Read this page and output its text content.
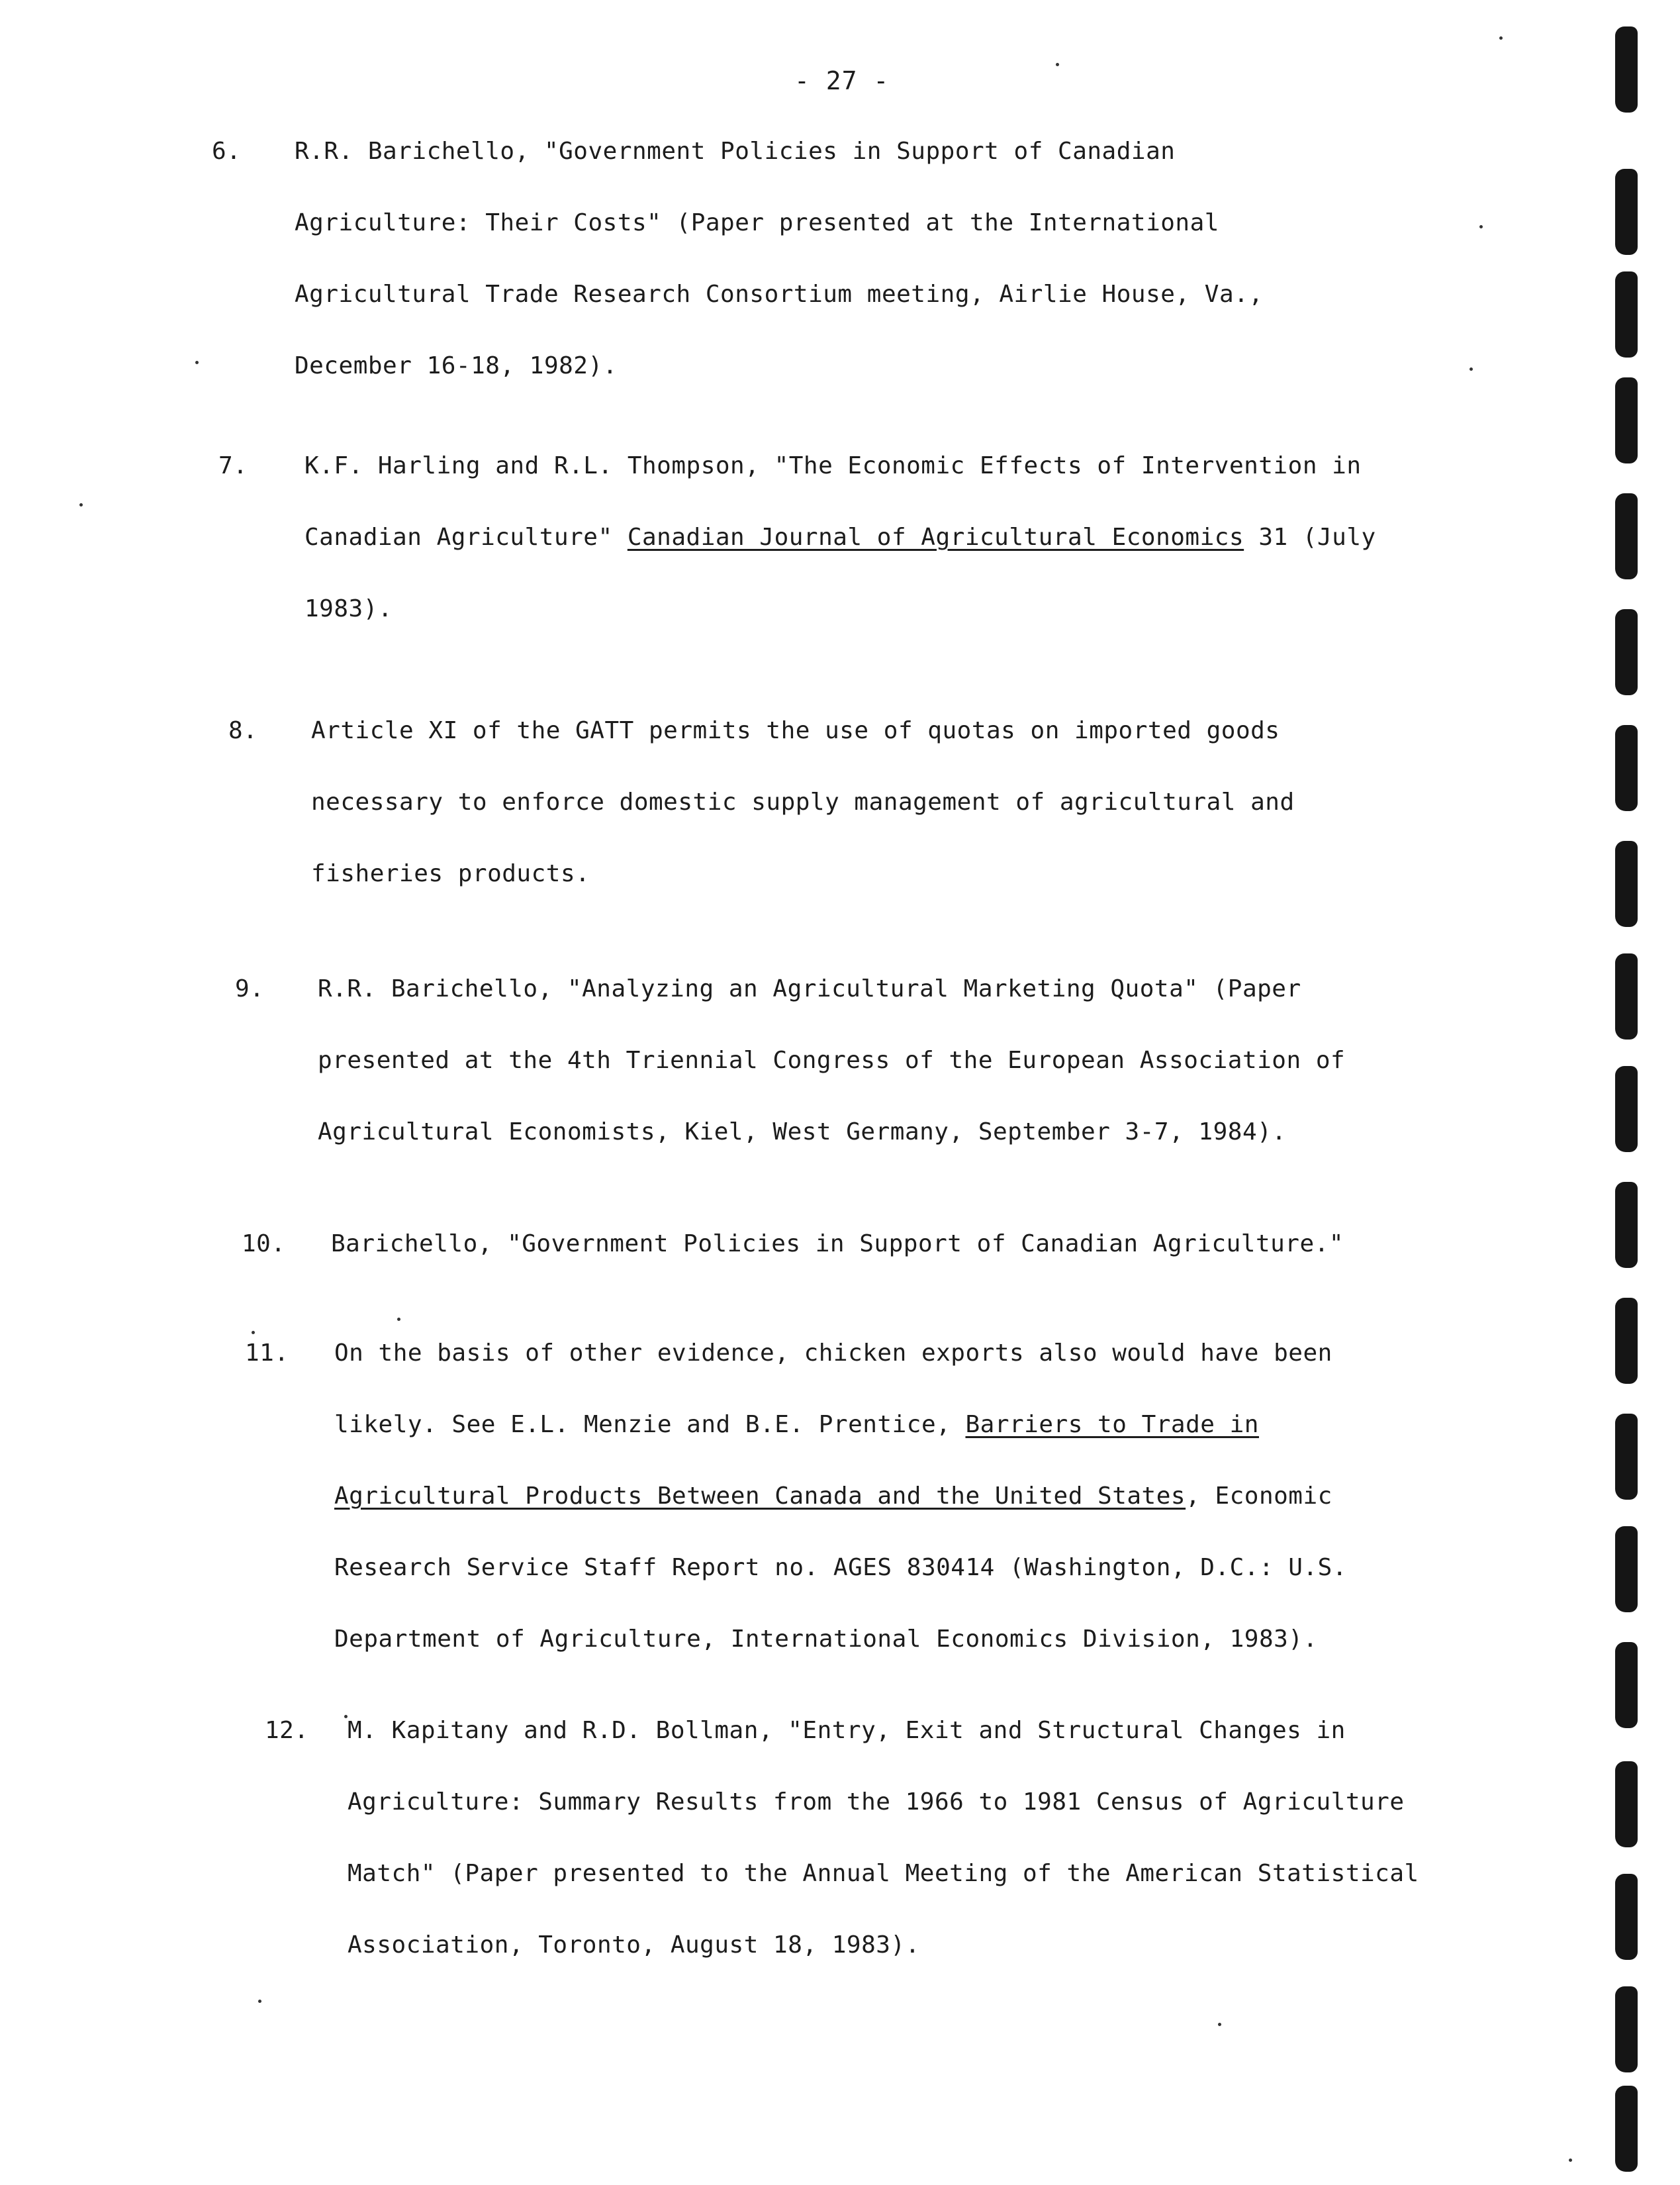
- 27 -
6. R.R. Barichello, "Government Policies in Support of Canadian
Agriculture: Their Costs" (Paper presented at the International
Agricultural Trade Research Consortium meeting, Airlie House, Va.,
December 16-18, 1982).
7. K.F. Harling and R.L. Thompson, "The Economic Effects of Intervention in
Canadian Agriculture" Canadian Journal of Agricultural Economics 31 (July
1983).
8. Article XI of the GATT permits the use of quotas on imported goods
necessary to enforce domestic supply management of agricultural and
fisheries products.
9. R.R. Barichello, "Analyzing an Agricultural Marketing Quota" (Paper
presented at the 4th Triennial Congress of the European Association of
Agricultural Economists, Kiel, West Germany, September 3-7, 1984).
10. Barichello, "Government Policies in Support of Canadian Agriculture."
11. On the basis of other evidence, chicken exports also would have been
likely. See E.L. Menzie and B.E. Prentice, Barriers to Trade in
Agricultural Products Between Canada and the United States, Economic
Research Service Staff Report no. AGES 830414 (Washington, D.C.: U.S.
Department of Agriculture, International Economics Division, 1983).
12. M. Kapitany and R.D. Bollman, "Entry, Exit and Structural Changes in
Agriculture: Summary Results from the 1966 to 1981 Census of Agriculture
Match" (Paper presented to the Annual Meeting of the American Statistical
Association, Toronto, August 18, 1983).
